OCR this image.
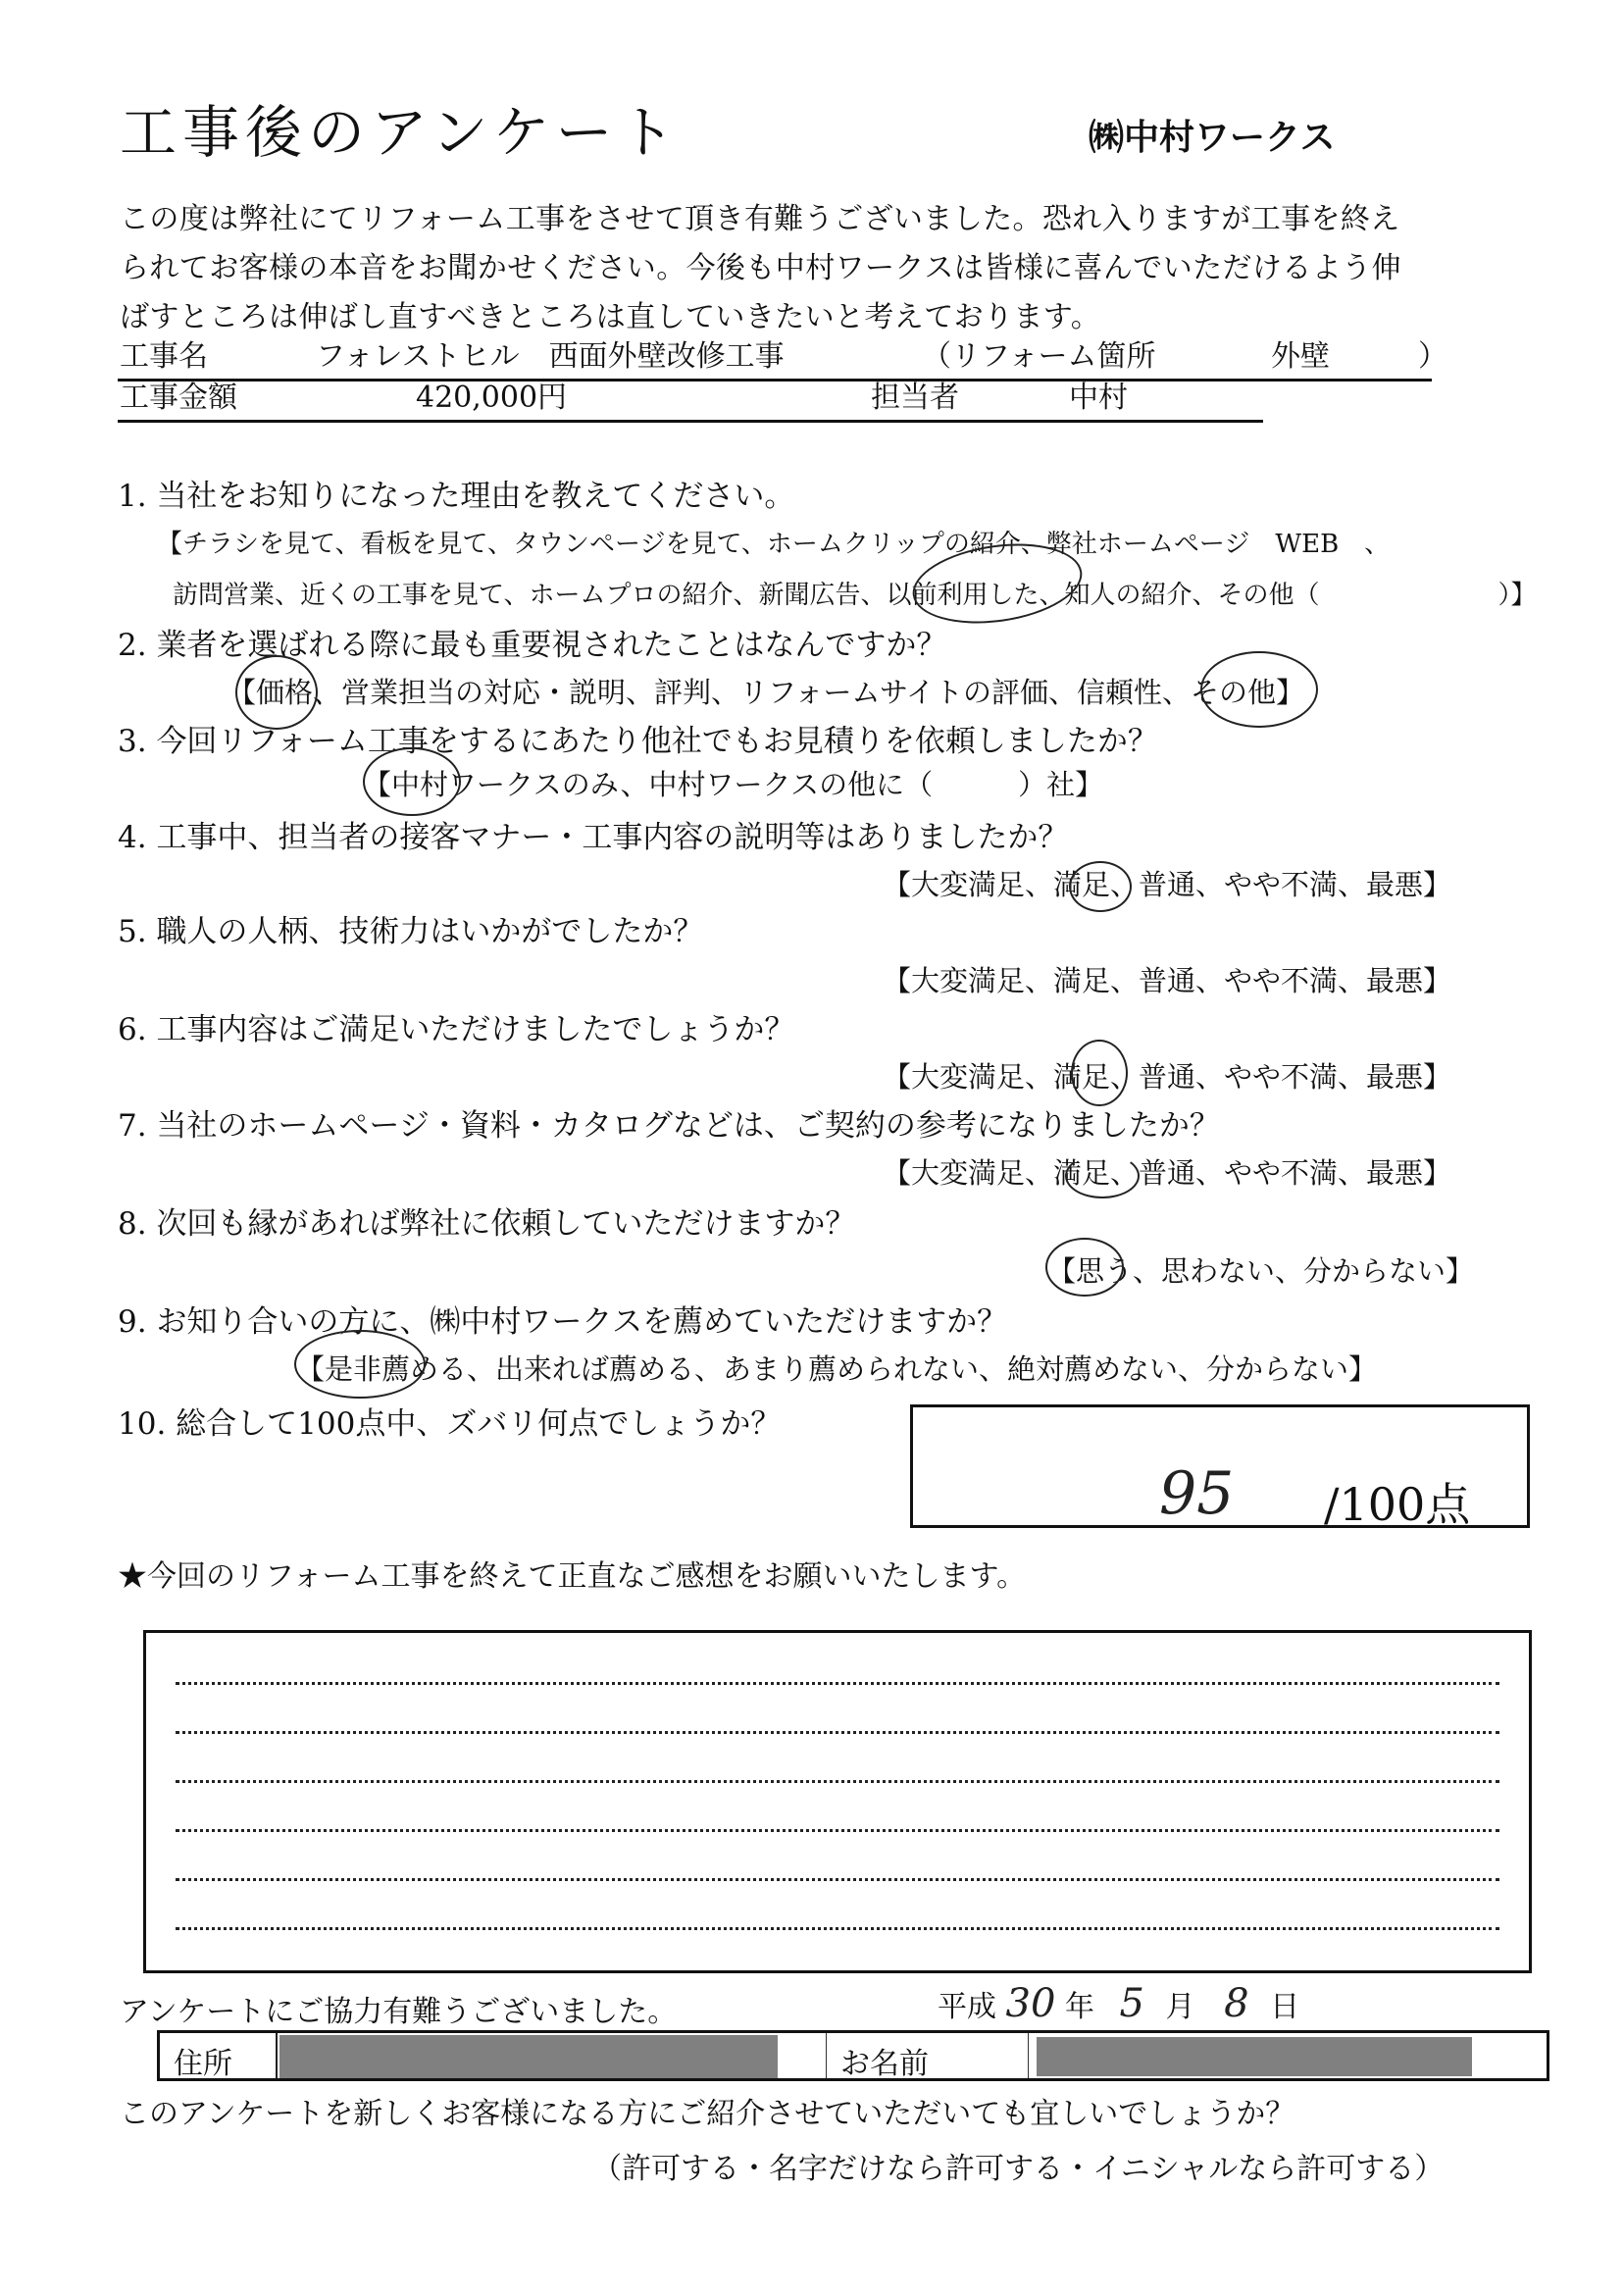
工事後のアンケート	㈱中村ワークス
この度は弊社にてリフォーム工事をさせて頂き有難うございました。恐れ入りますが工事を終え
られてお客様の本音をお聞かせください。今後も中村ワークスは皆様に喜んでいただけるよう伸
ばすところは伸ばし直すべきところは直していきたいと考えております。
工事名	フォレストヒル　西面外壁改修工事	（リフォーム箇所	外壁	）
工事金額	420,000円	担当者	中村
1. 当社をお知りになった理由を教えてください。
【チラシを見て、看板を見て、タウンページを見て、ホームクリップの紹介、弊社ホームページ　WEB　、
訪問営業、近くの工事を見て、ホームプロの紹介、新聞広告、以前利用した、知人の紹介、その他（　　　　　　　）】
2. 業者を選ばれる際に最も重要視されたことはなんですか？
【価格、営業担当の対応・説明、評判、リフォームサイトの評価、信頼性、その他】
3. 今回リフォーム工事をするにあたり他社でもお見積りを依頼しましたか？
【中村ワークスのみ、中村ワークスの他に（　　　）社】
4. 工事中、担当者の接客マナー・工事内容の説明等はありましたか？
【大変満足、満足、普通、やや不満、最悪】
5. 職人の人柄、技術力はいかがでしたか？
【大変満足、満足、普通、やや不満、最悪】
6. 工事内容はご満足いただけましたでしょうか？
【大変満足、満足、普通、やや不満、最悪】
7. 当社のホームページ・資料・カタログなどは、ご契約の参考になりましたか？
【大変満足、満足、普通、やや不満、最悪】
8. 次回も縁があれば弊社に依頼していただけますか？
【思う、思わない、分からない】
9. お知り合いの方に、㈱中村ワークスを薦めていただけますか？
【是非薦める、出来れば薦める、あまり薦められない、絶対薦めない、分からない】
10. 総合して100点中、ズバリ何点でしょうか？
95 /100点
★今回のリフォーム工事を終えて正直なご感想をお願いいたします。
アンケートにご協力有難うございました。	平成 30 年 5 月 8 日
住所	お名前
このアンケートを新しくお客様になる方にご紹介させていただいても宜しいでしょうか？
（許可する・名字だけなら許可する・イニシャルなら許可する）
